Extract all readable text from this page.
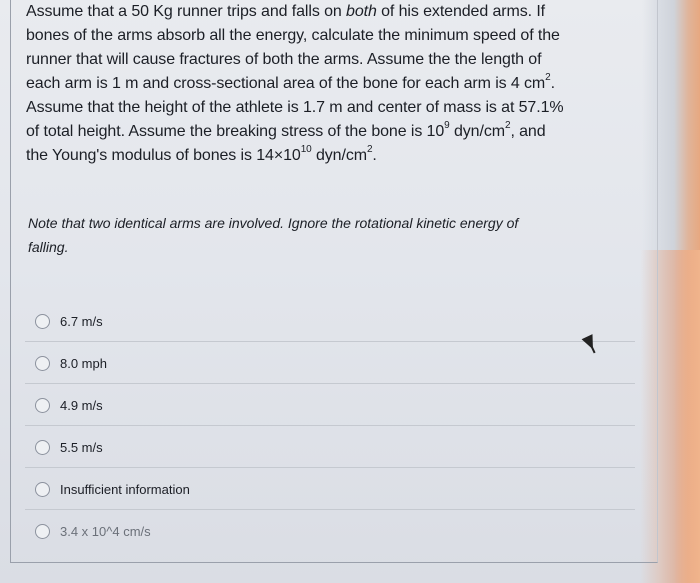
Assume that a 50 Kg runner trips and falls on both of his extended arms. If
bones of the arms absorb all the energy, calculate the minimum speed of the
runner that will cause fractures of both the arms. Assume the the length of
each arm is 1 m and cross-sectional area of the bone for each arm is 4 $cm^2$.
Assume that the height of the athlete is 1.7 m and center of mass is at 57.1%
of total height. Assume the breaking stress of the bone is $10^9$ dyn/$cm^2$, and
the Young's modulus of bones is $14\times 10^{10}$ dyn/$cm^2$.
Note that two identical arms are involved. Ignore the rotational kinetic energy of
falling.
6.7 m/s
8.0 mph
4.9 m/s
5.5 m/s
Insufficient information
3.4 x 10^4 cm/s
